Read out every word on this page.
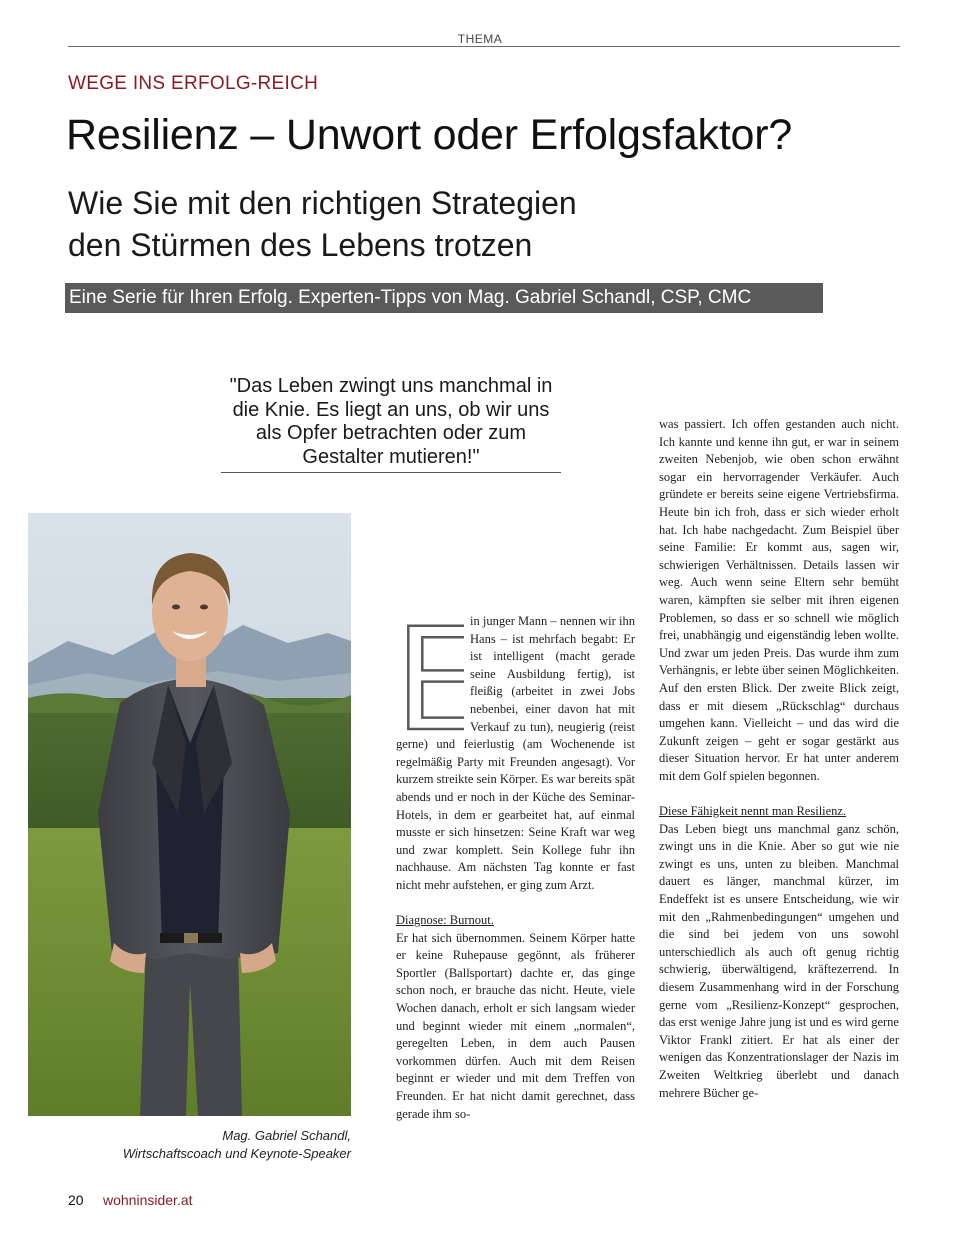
THEMA
WEGE INS ERFOLG-REICH
Resilienz – Unwort oder Erfolgsfaktor?
Wie Sie mit den richtigen Strategien
den Stürmen des Lebens trotzen
Eine Serie für Ihren Erfolg. Experten-Tipps von Mag. Gabriel Schandl, CSP, CMC
"Das Leben zwingt uns manchmal in die Knie. Es liegt an uns, ob wir uns als Opfer betrachten oder zum Gestalter mutieren!"
Mag. Gabriel Schandl,
Wirtschaftscoach und Keynote-Speaker
E

in junger Mann – nennen wir ihn Hans – ist mehrfach begabt: Er ist intelligent (macht gerade seine Ausbildung fertig), ist fleißig (arbeitet in zwei Jobs nebenbei, einer davon hat mit Verkauf zu tun), neugierig (reist gerne) und feierlustig (am Wochenende ist regelmäßig Party mit Freunden angesagt). Vor kurzem streikte sein Körper. Es war bereits spät abends und er noch in der Küche des Seminar-Hotels, in dem er gearbeitet hat, auf einmal musste er sich hinsetzen: Seine Kraft war weg und zwar komplett. Sein Kollege fuhr ihn nachhause. Am nächsten Tag konnte er fast nicht mehr aufstehen, er ging zum Arzt.

Diagnose: Burnout.

Er hat sich übernommen. Seinem Körper hatte er keine Ruhepause gegönnt, als früherer Sportler (Ballsportart) dachte er, das ginge schon noch, er brauche das nicht. Heute, viele Wochen danach, erholt er sich langsam wieder und beginnt wieder mit einem „normalen“, geregelten Leben, in dem auch Pausen vorkommen dürfen. Auch mit dem Reisen beginnt er wieder und mit dem Treffen von Freunden. Er hat nicht damit gerechnet, dass gerade ihm so-

was passiert. Ich offen gestanden auch nicht. Ich kannte und kenne ihn gut, er war in seinem zweiten Nebenjob, wie oben schon erwähnt sogar ein hervorragender Verkäufer. Auch gründete er bereits seine eigene Vertriebsfirma. Heute bin ich froh, dass er sich wieder erholt hat. Ich habe nachgedacht. Zum Beispiel über seine Familie: Er kommt aus, sagen wir, schwierigen Verhältnissen. Details lassen wir weg. Auch wenn seine Eltern sehr bemüht waren, kämpften sie selber mit ihren eigenen Problemen, so dass er so schnell wie möglich frei, unabhängig und eigenständig leben wollte. Und zwar um jeden Preis. Das wurde ihm zum Verhängnis, er lebte über seinen Möglichkeiten. Auf den ersten Blick. Der zweite Blick zeigt, dass er mit diesem „Rückschlag“ durchaus umgehen kann. Vielleicht – und das wird die Zukunft zeigen – geht er sogar gestärkt aus dieser Situation hervor. Er hat unter anderem mit dem Golf spielen begonnen.

Diese Fähigkeit nennt man Resilienz.

Das Leben biegt uns manchmal ganz schön, zwingt uns in die Knie. Aber so gut wie nie zwingt es uns, unten zu bleiben. Manchmal dauert es länger, manchmal kürzer, im Endeffekt ist es unsere Entscheidung, wie wir mit den „Rahmenbedingungen“ umgehen und die sind bei jedem von uns sowohl unterschiedlich als auch oft genug richtig schwierig, überwältigend, kräftezerrend. In diesem Zusammenhang wird in der Forschung gerne vom „Resilienz-Konzept“ gesprochen, das erst wenige Jahre jung ist und es wird gerne Viktor Frankl zitiert. Er hat als einer der wenigen das Konzentrationslager der Nazis im Zweiten Weltkrieg überlebt und danach mehrere Bücher ge-

20 wohninsider.at
